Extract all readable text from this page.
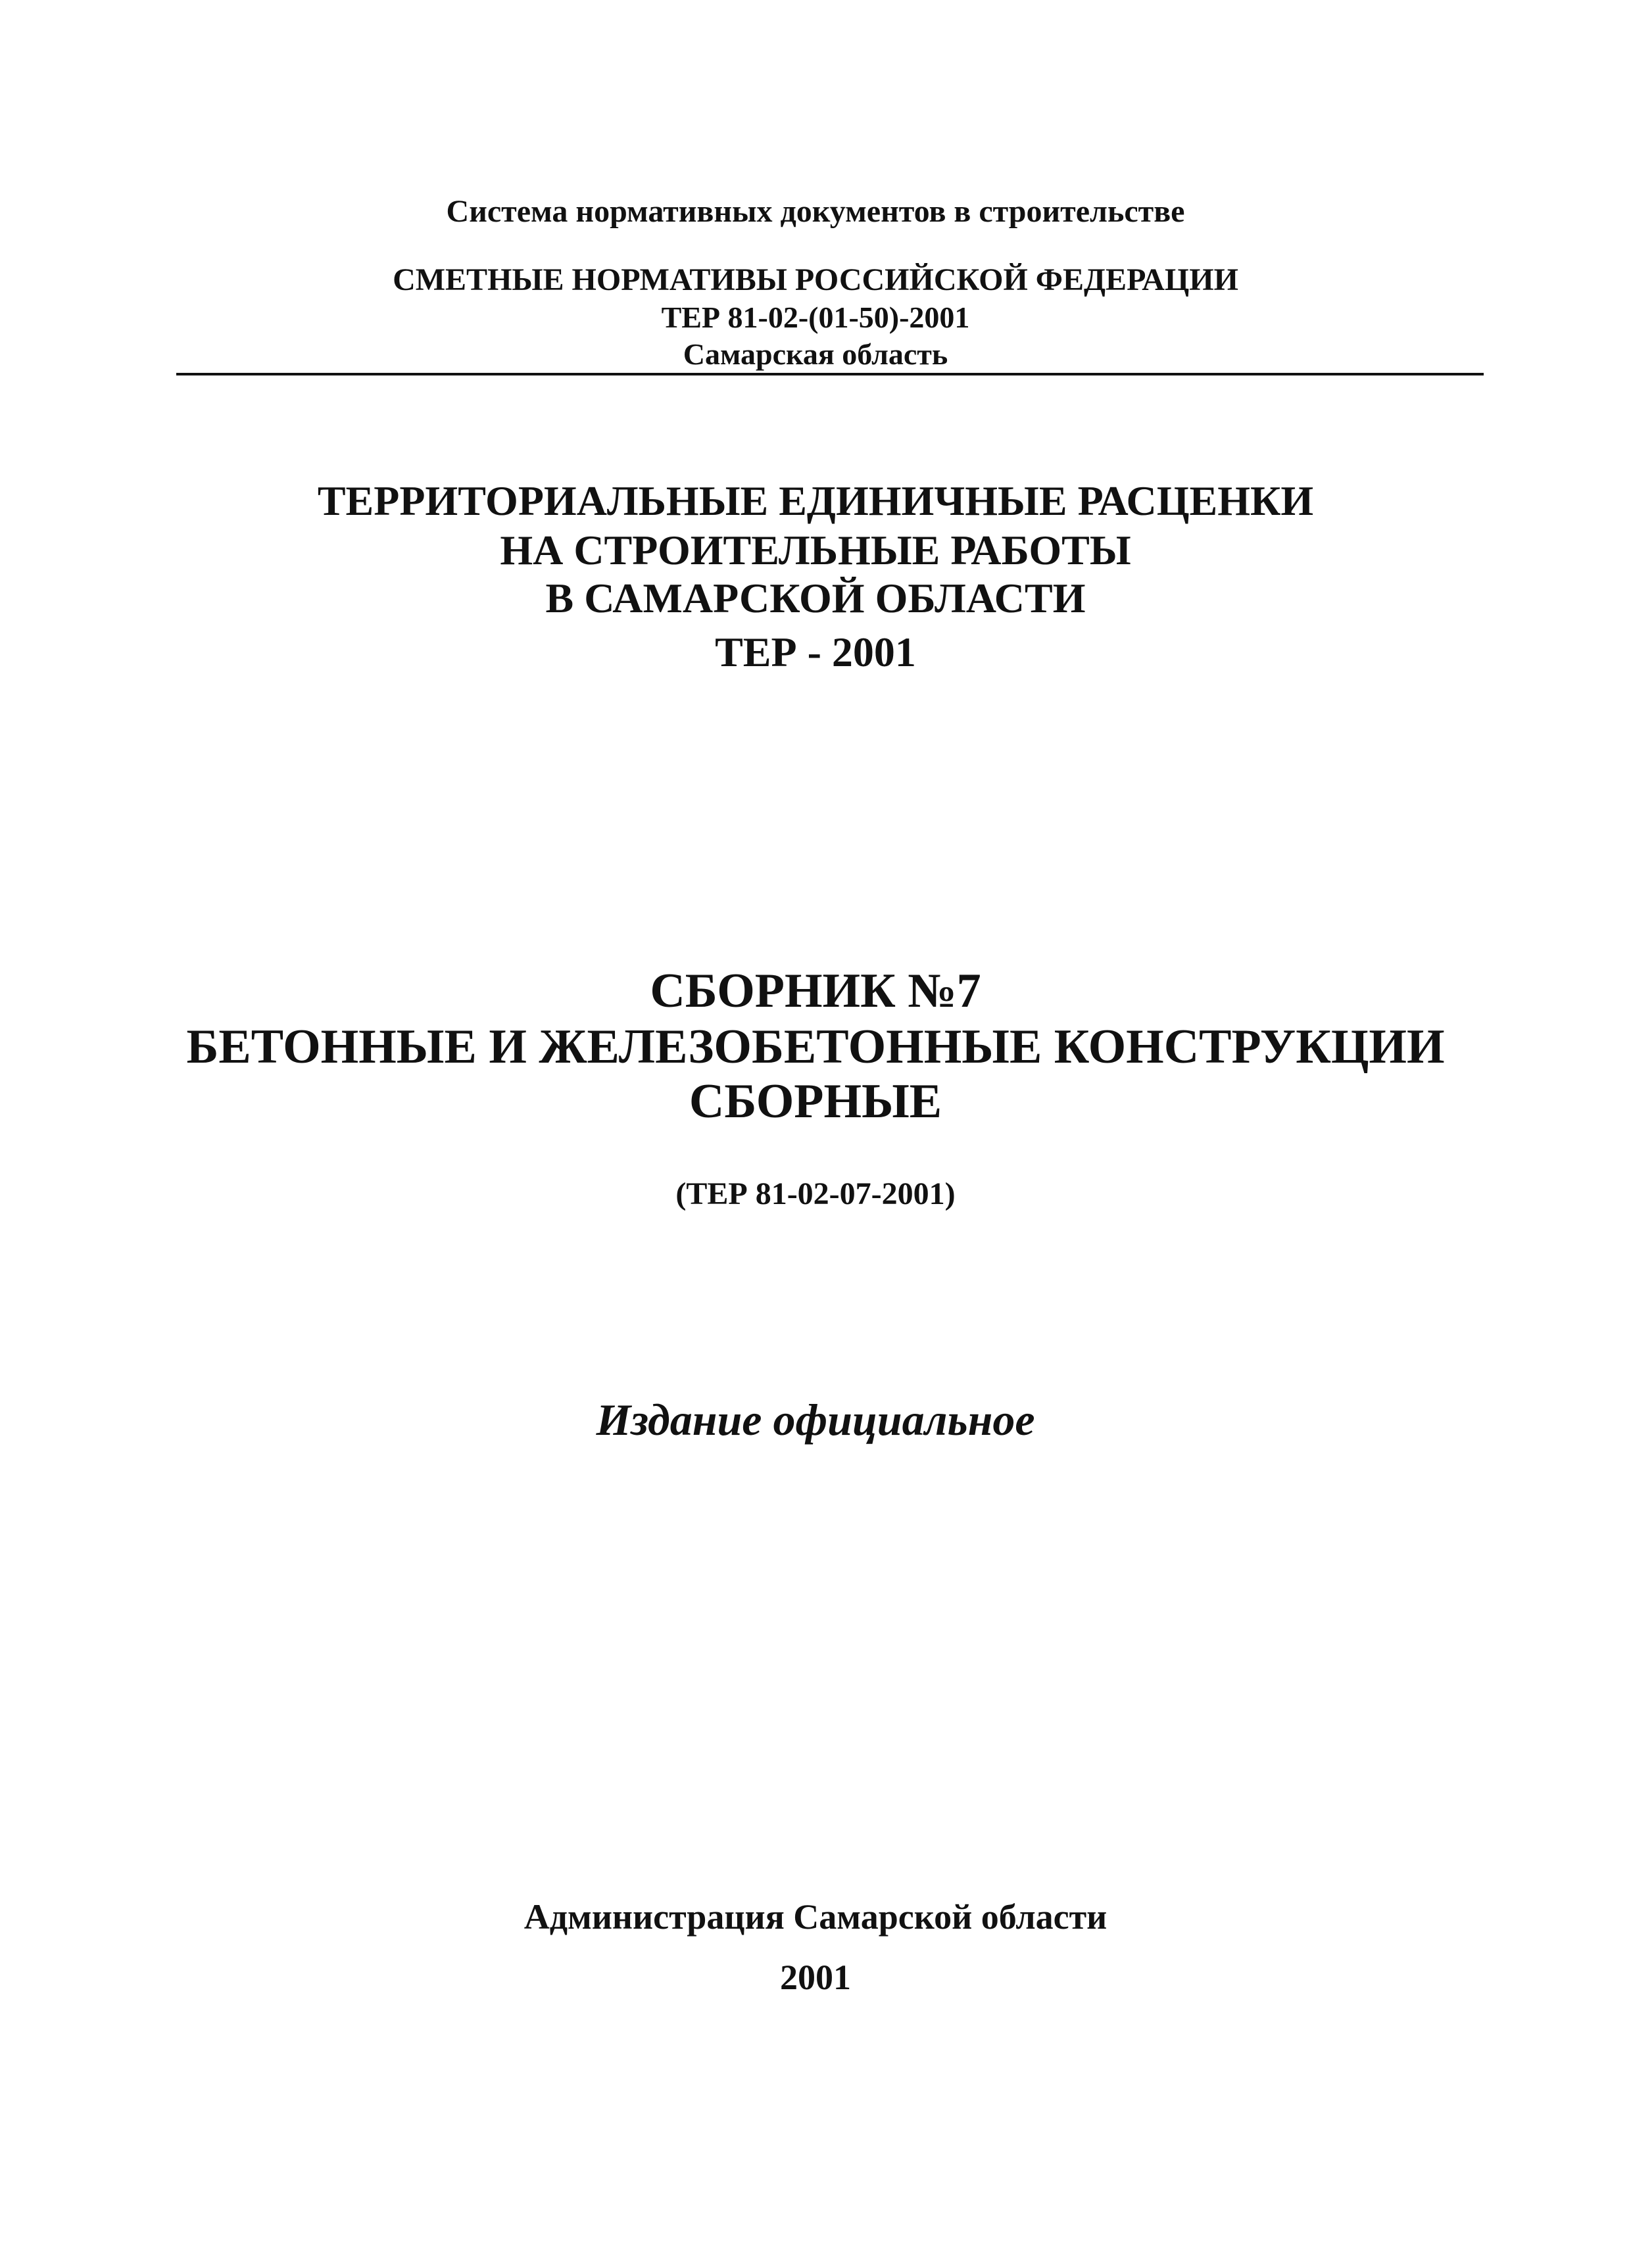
Система нормативных документов в строительстве
СМЕТНЫЕ НОРМАТИВЫ РОССИЙСКОЙ ФЕДЕРАЦИИ
ТЕР 81-02-(01-50)-2001
Самарская область
ТЕРРИТОРИАЛЬНЫЕ ЕДИНИЧНЫЕ РАСЦЕНКИ
НА СТРОИТЕЛЬНЫЕ РАБОТЫ
В САМАРСКОЙ ОБЛАСТИ
ТЕР - 2001
СБОРНИК №7
БЕТОННЫЕ И ЖЕЛЕЗОБЕТОННЫЕ КОНСТРУКЦИИ
СБОРНЫЕ
(ТЕР 81-02-07-2001)
Издание официальное
Администрация Самарской области
2001
